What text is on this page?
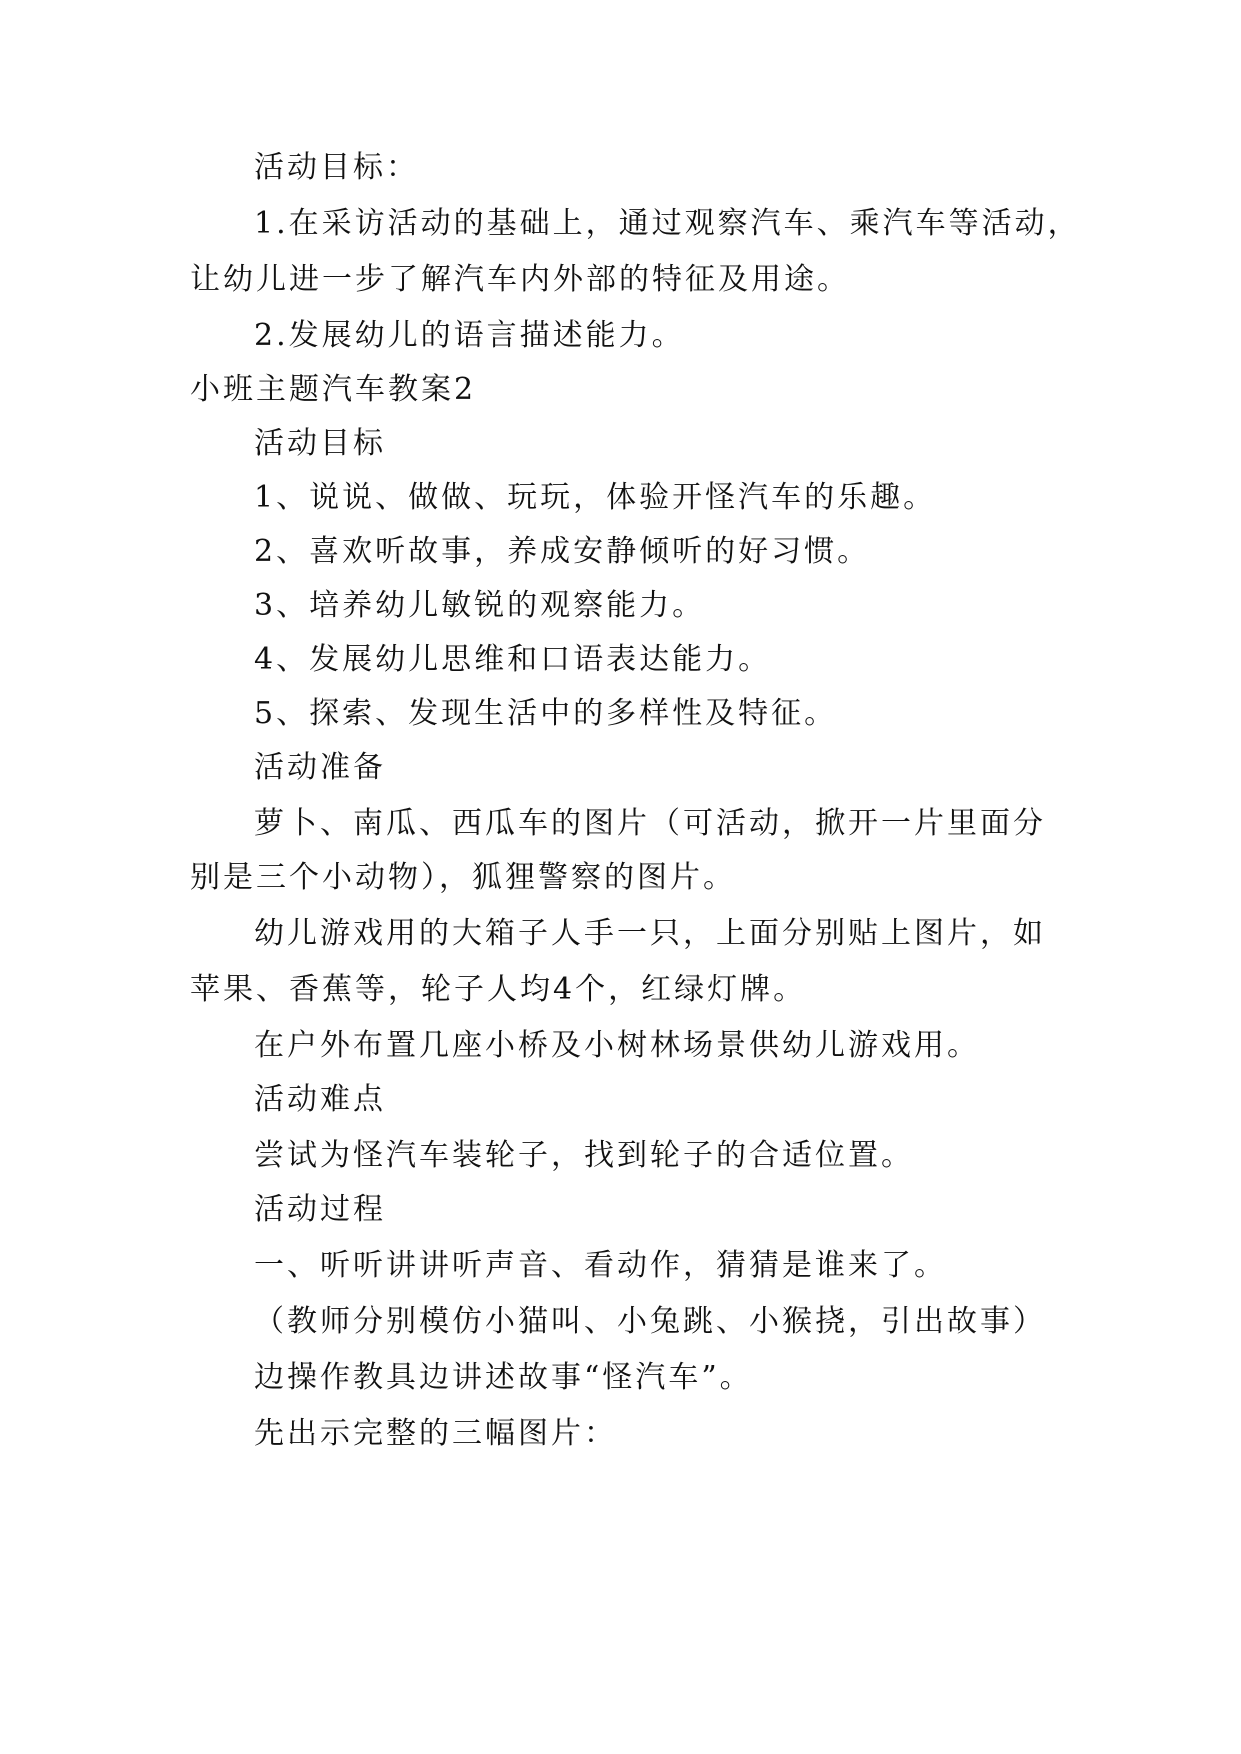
活动目标：
1.在采访活动的基础上，通过观察汽车、乘汽车等活动，
让幼儿进一步了解汽车内外部的特征及用途。
2.发展幼儿的语言描述能力。
小班主题汽车教案2
活动目标
1、说说、做做、玩玩，体验开怪汽车的乐趣。
2、喜欢听故事，养成安静倾听的好习惯。
3、培养幼儿敏锐的观察能力。
4、发展幼儿思维和口语表达能力。
5、探索、发现生活中的多样性及特征。
活动准备
萝卜、南瓜、西瓜车的图片（可活动，掀开一片里面分
别是三个小动物），狐狸警察的图片。
幼儿游戏用的大箱子人手一只，上面分别贴上图片，如
苹果、香蕉等，轮子人均4个，红绿灯牌。
在户外布置几座小桥及小树林场景供幼儿游戏用。
活动难点
尝试为怪汽车装轮子，找到轮子的合适位置。
活动过程
一、听听讲讲听声音、看动作，猜猜是谁来了。
（教师分别模仿小猫叫、小兔跳、小猴挠，引出故事）
边操作教具边讲述故事“怪汽车”。
先出示完整的三幅图片：
